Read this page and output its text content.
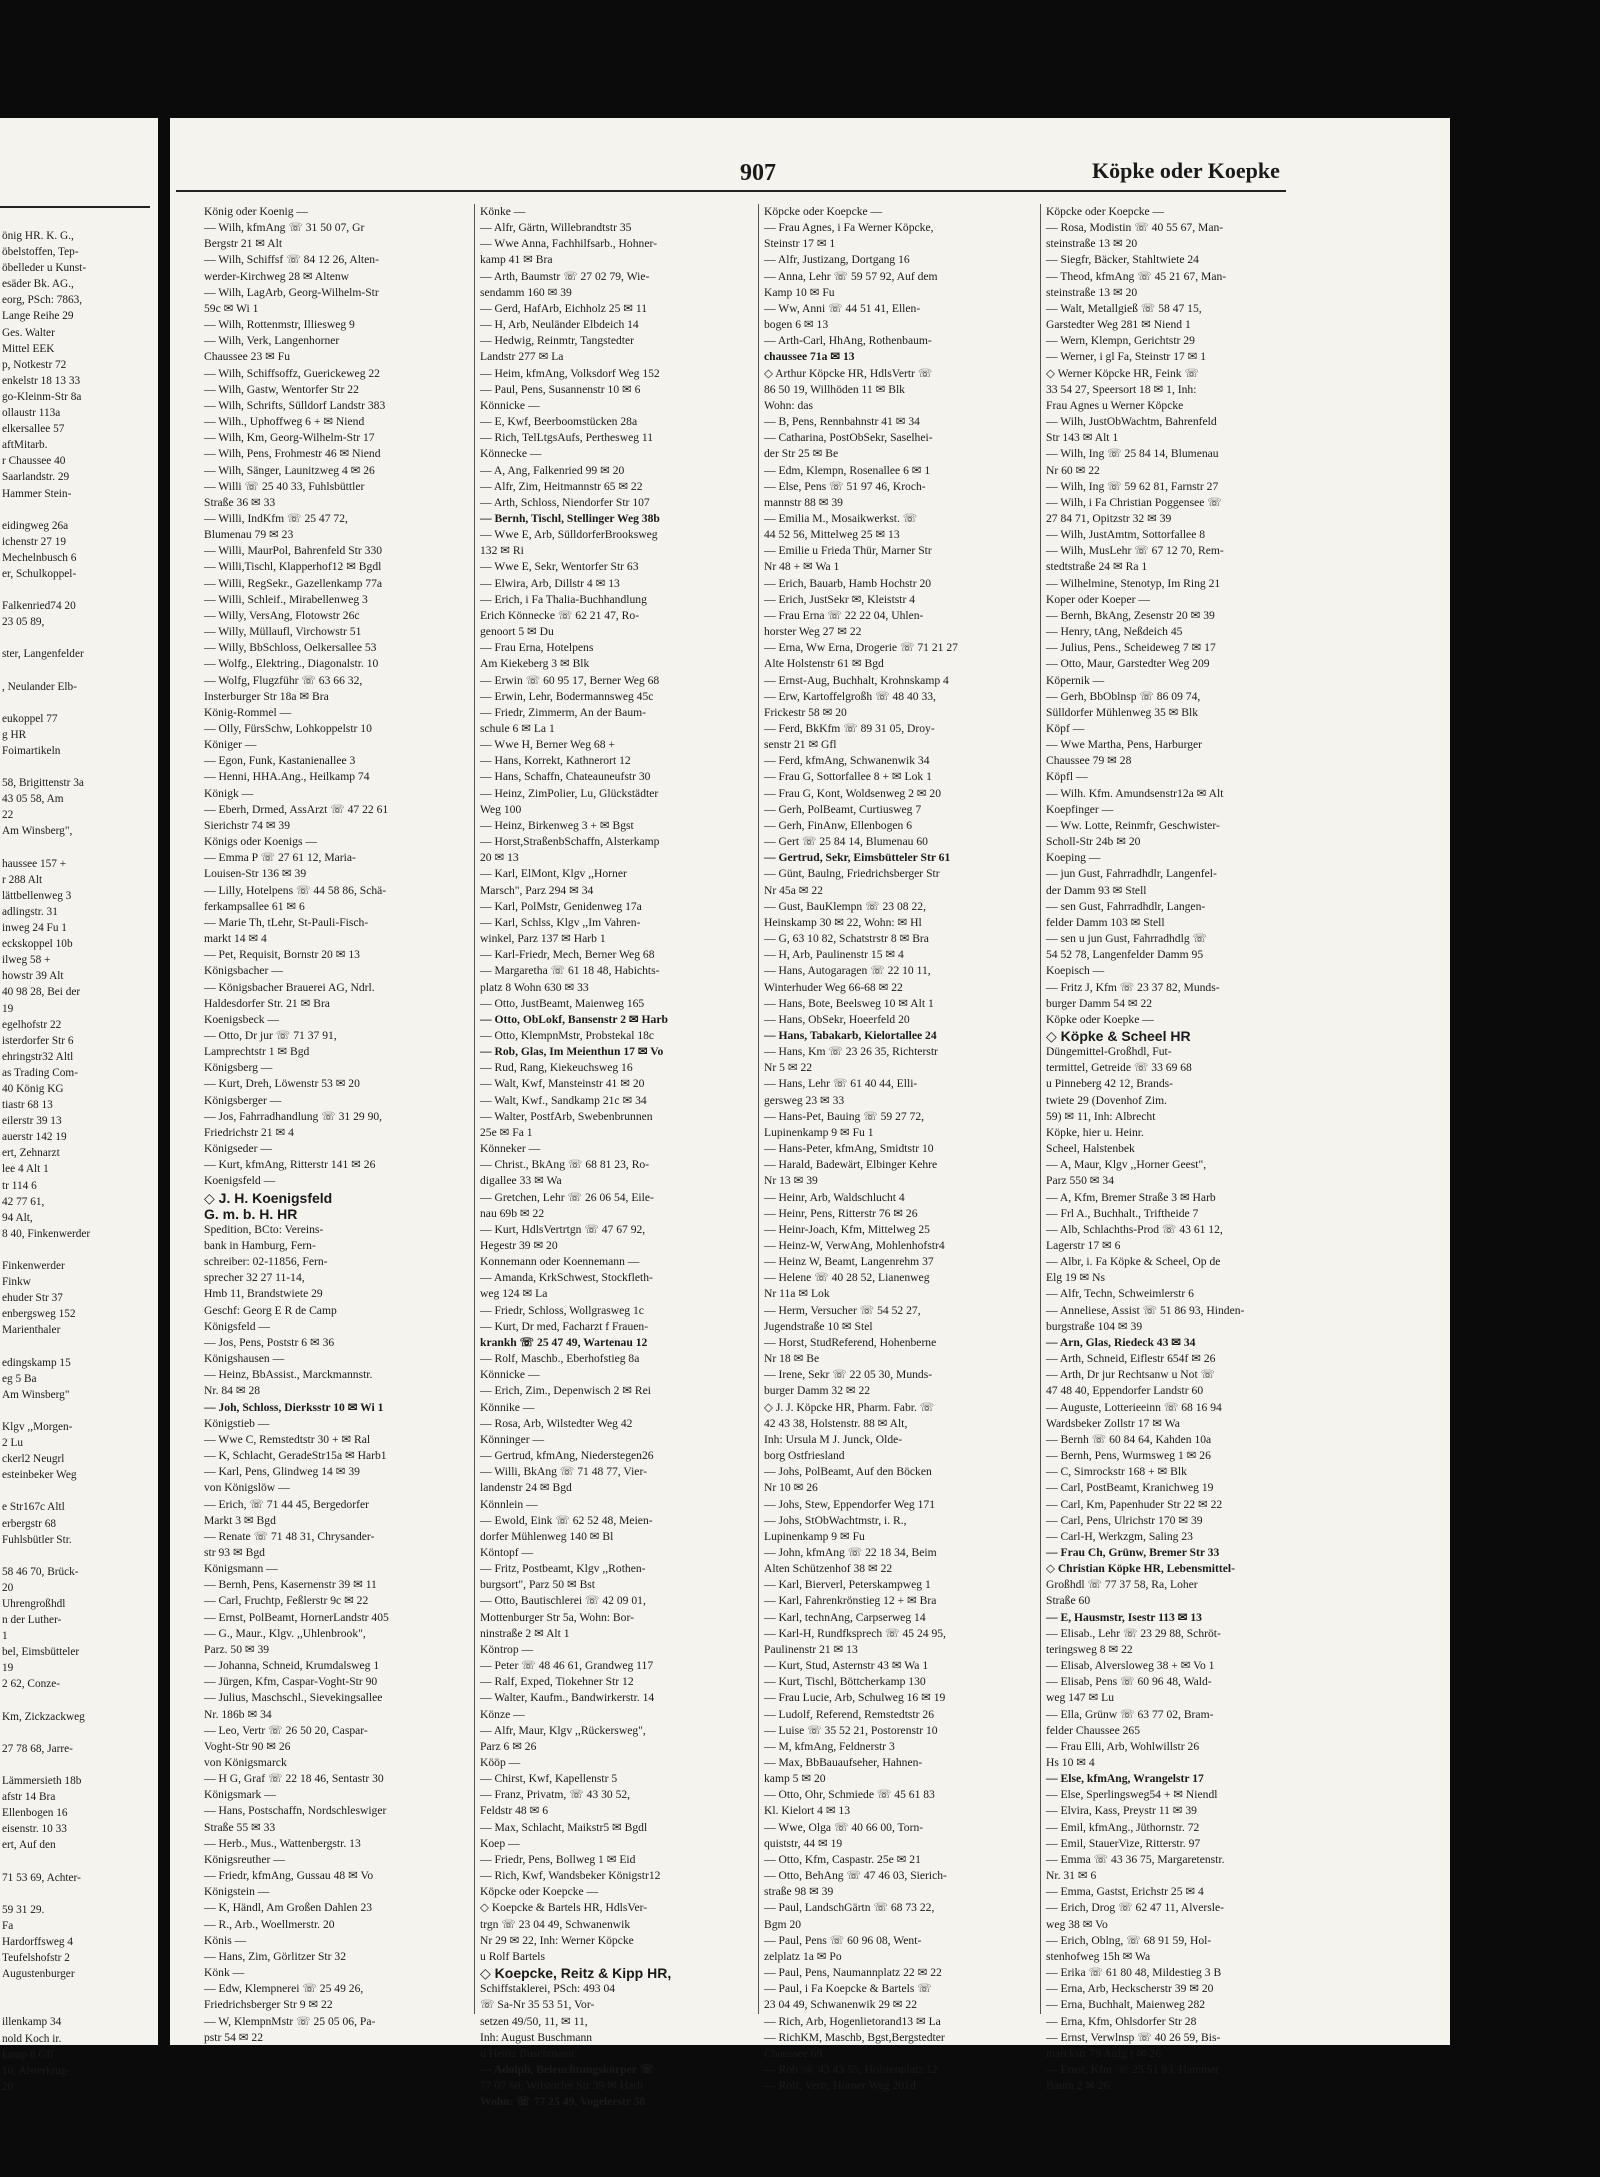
önig HR. K. G.,
öbelstoffen, Tep-
öbelleder u Kunst-
esäder Bk. AG.,
eorg, PSch: 7863,
Lange Reihe 29
Ges. Walter
Mittel EEK
p, Notkestr 72
enkelstr 18 13 33
go-Kleinm-Str 8a
ollaustr 113a
elkersallee 57
aftMitarb.
r Chaussee 40
Saarlandstr. 29
Hammer Stein-

eidingweg 26a
ichenstr 27 19
Mechelnbusch 6
er, Schulkoppel-

Falkenried74 20
23 05 89,

ster, Langenfelder

, Neulander Elb-

eukoppel 77
g HR
Foimartikeln

58, Brigittenstr 3a
43 05 58, Am
22
Am Winsberg",

haussee 157 +
r 288 Alt
lättbellenweg 3
adlingstr. 31
inweg 24 Fu 1
eckskoppel 10b
ilweg 58 +
howstr 39 Alt
40 98 28, Bei der
19
egelhofstr 22
isterdorfer Str 6
ehringstr32 Altl
as Trading Com-
40 König KG
tiastr 68 13
eilerstr 39 13
auerstr 142 19
ert, Zehnarzt
lee 4 Alt 1
tr 114 6
42 77 61,
94 Alt,
8 40, Finkenwerder

Finkenwerder
Finkw
ehuder Str 37
enbergsweg 152
Marienthaler

edingskamp 15
eg 5 Ba
Am Winsberg"

Klgv ,,Morgen-
2 Lu
ckerl2 Neugrl
esteinbeker Weg

e Str167c Altl
erbergstr 68
Fuhlsbütler Str.

58 46 70, Brück-
20
Uhrengroßhdl
n der Luther-
1
bel, Eimsbütteler
19
2 62, Conze-

Km, Zickzackweg

27 78 68, Jarre-

Lämmersieth 18b
afstr 14 Bra
Ellenbogen 16
eisenstr. 10 33
ert, Auf den

71 53 69, Achter-

59 31 29.
Fa
Hardorffsweg 4
Teufelshofstr 2
Augustenburger

illenkamp 34
nold Koch ir.
kamp 8 Gfl
16, Alsterkrug-
20
907	Köpke oder Koepke
König oder Koenig —
— Wilh, kfmAng ☏ 31 50 07, Gr
Bergstr 21 ✉ Alt
— Wilh, Schiffsf ☏ 84 12 26, Alten-
werder-Kirchweg 28 ✉ Altenw
— Wilh, LagArb, Georg-Wilhelm-Str
59c ✉ Wi 1
— Wilh, Rottenmstr, Illiesweg 9
— Wilh, Verk, Langenhorner
Chaussee 23 ✉ Fu
— Wilh, Schiffsoffz, Guerickeweg 22
— Wilh, Gastw, Wentorfer Str 22
— Wilh, Schrifts, Sülldorf Landstr 383
— Wilh., Uphoffweg 6 + ✉ Niend
— Wilh, Km, Georg-Wilhelm-Str 17
— Wilh, Pens, Frohmestr 46 ✉ Niend
— Wilh, Sänger, Launitzweg 4 ✉ 26
— Willi ☏ 25 40 33, Fuhlsbüttler
Straße 36 ✉ 33
— Willi, IndKfm ☏ 25 47 72,
Blumenau 79 ✉ 23
— Willi, MaurPol, Bahrenfeld Str 330
— Willi,Tischl, Klapperhof12 ✉ Bgdl
— Willi, RegSekr., Gazellenkamp 77a
— Willi, Schleif., Mirabellenweg 3
— Willy, VersAng, Flotowstr 26c
— Willy, Müllaufl, Virchowstr 51
— Willy, BbSchloss, Oelkersallee 53
— Wolfg., Elektring., Diagonalstr. 10
— Wolfg, Flugzführ ☏ 63 66 32,
Insterburger Str 18a ✉ Bra
König-Rommel —
— Olly, FürsSchw, Lohkoppelstr 10
Königer —
— Egon, Funk, Kastanienallee 3
— Henni, HHA.Ang., Heilkamp 74
Königk —
— Eberh, Drmed, AssArzt ☏ 47 22 61
Sierichstr 74 ✉ 39
Königs oder Koenigs —
— Emma P ☏ 27 61 12, Maria-
Louisen-Str 136 ✉ 39
— Lilly, Hotelpens ☏ 44 58 86, Schä-
ferkampsallee 61 ✉ 6
— Marie Th, tLehr, St-Pauli-Fisch-
markt 14 ✉ 4
— Pet, Requisit, Bornstr 20 ✉ 13
Königsbacher —
— Königsbacher Brauerei AG, Ndrl.
Haldesdorfer Str. 21 ✉ Bra
Koenigsbeck —
— Otto, Dr jur ☏ 71 37 91,
Lamprechtstr 1 ✉ Bgd
Königsberg —
— Kurt, Dreh, Löwenstr 53 ✉ 20
Königsberger —
— Jos, Fahrradhandlung ☏ 31 29 90,
Friedrichstr 21 ✉ 4
Königseder —
— Kurt, kfmAng, Ritterstr 141 ✉ 26
Koenigsfeld —
◇ J. H. Koenigsfeld
G. m. b. H. HR
Spedition, BCto: Vereins-
bank in Hamburg, Fern-
schreiber: 02-11856, Fern-
sprecher 32 27 11-14,
Hmb 11, Brandstwiete 29
Geschf: Georg E R de Camp
Königsfeld —
— Jos, Pens, Poststr 6 ✉ 36
Königshausen —
— Heinz, BbAssist., Marckmannstr.
Nr. 84 ✉ 28
— Joh, Schloss, Dierksstr 10 ✉ Wi 1
Königstieb —
— Wwe C, Remstedtstr 30 + ✉ Ral
— K, Schlacht, GeradeStr15a ✉ Harb1
— Karl, Pens, Glindweg 14 ✉ 39
von Königslöw —
— Erich, ☏ 71 44 45, Bergedorfer
Markt 3 ✉ Bgd
— Renate ☏ 71 48 31, Chrysander-
str 93 ✉ Bgd
Königsmann —
— Bernh, Pens, Kasernenstr 39 ✉ 11
— Carl, Fruchtp, Feßlerstr 9c ✉ 22
— Ernst, PolBeamt, HornerLandstr 405
— G., Maur., Klgv. ,,Uhlenbrook",
Parz. 50 ✉ 39
— Johanna, Schneid, Krumdalsweg 1
— Jürgen, Kfm, Caspar-Voght-Str 90
— Julius, Maschschl., Sievekingsallee
Nr. 186b ✉ 34
— Leo, Vertr ☏ 26 50 20, Caspar-
Voght-Str 90 ✉ 26
von Königsmarck
— H G, Graf ☏ 22 18 46, Sentastr 30
Königsmark —
— Hans, Postschaffn, Nordschleswiger
Straße 55 ✉ 33
— Herb., Mus., Wattenbergstr. 13
Königsreuther —
— Friedr, kfmAng, Gussau 48 ✉ Vo
Königstein —
— K, Händl, Am Großen Dahlen 23
— R., Arb., Woellmerstr. 20
Könis —
— Hans, Zim, Görlitzer Str 32
Könk —
— Edw, Klempnerei ☏ 25 49 26,
Friedrichsberger Str 9 ✉ 22
— W, KlempnMstr ☏ 25 05 06, Pa-
pstr 54 ✉ 22
Könke —
— Alfr, Gärtn, Willebrandtstr 35
— Wwe Anna, Fachhilfsarb., Hohner-
kamp 41 ✉ Bra
— Arth, Baumstr ☏ 27 02 79, Wie-
sendamm 160 ✉ 39
— Gerd, HafArb, Eichholz 25 ✉ 11
— H, Arb, Neuländer Elbdeich 14
— Hedwig, Reinmtr, Tangstedter
Landstr 277 ✉ La
— Heim, kfmAng, Volksdorf Weg 152
— Paul, Pens, Susannenstr 10 ✉ 6
Könnicke —
— E, Kwf, Beerboomstücken 28a
— Rich, TelLtgsAufs, Perthesweg 11
Könnecke —
— A, Ang, Falkenried 99 ✉ 20
— Alfr, Zim, Heitmannstr 65 ✉ 22
— Arth, Schloss, Niendorfer Str 107
— Bernh, Tischl, Stellinger Weg 38b
— Wwe E, Arb, SülldorferBrooksweg
132 ✉ Ri
— Wwe E, Sekr, Wentorfer Str 63
— Elwira, Arb, Dillstr 4 ✉ 13
— Erich, i Fa Thalia-Buchhandlung
Erich Könnecke ☏ 62 21 47, Ro-
genoort 5 ✉ Du
— Frau Erna, Hotelpens
Am Kiekeberg 3 ✉ Blk
— Erwin ☏ 60 95 17, Berner Weg 68
— Erwin, Lehr, Bodermannsweg 45c
— Friedr, Zimmerm, An der Baum-
schule 6 ✉ La 1
— Wwe H, Berner Weg 68 +
— Hans, Korrekt, Kathnerort 12
— Hans, Schaffn, Chateauneufstr 30
— Heinz, ZimPolier, Lu, Glückstädter
Weg 100
— Heinz, Birkenweg 3 + ✉ Bgst
— Horst,StraßenbSchaffn, Alsterkamp
20 ✉ 13
— Karl, ElMont, Klgv ,,Horner
Marsch", Parz 294 ✉ 34
— Karl, PolMstr, Genidenweg 17a
— Karl, Schlss, Klgv ,,Im Vahren-
winkel, Parz 137 ✉ Harb 1
— Karl-Friedr, Mech, Berner Weg 68
— Margaretha ☏ 61 18 48, Habichts-
platz 8 Wohn 630 ✉ 33
— Otto, JustBeamt, Maienweg 165
— Otto, ObLokf, Bansenstr 2 ✉ Harb
— Otto, KlempnMstr, Probstekal 18c
— Rob, Glas, Im Meienthun 17 ✉ Vo
— Rud, Rang, Kiekeuchsweg 16
— Walt, Kwf, Mansteinstr 41 ✉ 20
— Walt, Kwf., Sandkamp 21c ✉ 34
— Walter, PostfArb, Swebenbrunnen
25e ✉ Fa 1
Könneker —
— Christ., BkAng ☏ 68 81 23, Ro-
digallee 33 ✉ Wa
— Gretchen, Lehr ☏ 26 06 54, Eile-
nau 69b ✉ 22
— Kurt, HdlsVertrtgn ☏ 47 67 92,
Hegestr 39 ✉ 20
Konnemann oder Koennemann —
— Amanda, KrkSchwest, Stockfleth-
weg 124 ✉ La
— Friedr, Schloss, Wollgrasweg 1c
— Kurt, Dr med, Facharzt f Frauen-
krankh ☏ 25 47 49, Wartenau 12
— Rolf, Maschb., Eberhofstieg 8a
Könnicke —
— Erich, Zim., Depenwisch 2 ✉ Rei
Könnike —
— Rosa, Arb, Wilstedter Weg 42
Könninger —
— Gertrud, kfmAng, Niederstegen26
— Willi, BkAng ☏ 71 48 77, Vier-
landenstr 24 ✉ Bgd
Könnlein —
— Ewold, Eink ☏ 62 52 48, Meien-
dorfer Mühlenweg 140 ✉ Bl
Köntopf —
— Fritz, Postbeamt, Klgv ,,Rothen-
burgsort", Parz 50 ✉ Bst
— Otto, Bautischlerei ☏ 42 09 01,
Mottenburger Str 5a, Wohn: Bor-
ninstraße 2 ✉ Alt 1
Köntrop —
— Peter ☏ 48 46 61, Grandweg 117
— Ralf, Exped, Tiokehner Str 12
— Walter, Kaufm., Bandwirkerstr. 14
Könze —
— Alfr, Maur, Klgv ,,Rückersweg",
Parz 6 ✉ 26
Kööp —
— Chirst, Kwf, Kapellenstr 5
— Franz, Privatm, ☏ 43 30 52,
Feldstr 48 ✉ 6
— Max, Schlacht, Maikstr5 ✉ Bgdl
Koep —
— Friedr, Pens, Bollweg 1 ✉ Eid
— Rich, Kwf, Wandsbeker Königstr12
Köpcke oder Koepcke —
◇ Koepcke & Bartels HR, HdlsVer-
trgn ☏ 23 04 49, Schwanenwik
Nr 29 ✉ 22, Inh: Werner Köpcke
u Rolf Bartels
◇ Koepcke, Reitz & Kipp HR,
Schiffstaklerei, PSch: 493 04
☏ Sa-Nr 35 53 51, Vor-
setzen 49/50, 11, ✉ 11,
Inh: August Buschmann
u Heinz Buschmann
— Adolph, Beleuchtungskörper ☏
77 07 60, Wilstorfer Str 39 ✉ Harb
Wohn: ☏ 77 25 49, Vogelerstr 58
Köpcke oder Koepcke —
— Frau Agnes, i Fa Werner Köpcke,
Steinstr 17 ✉ 1
— Alfr, Justizang, Dortgang 16
— Anna, Lehr ☏ 59 57 92, Auf dem
Kamp 10 ✉ Fu
— Ww, Anni ☏ 44 51 41, Ellen-
bogen 6 ✉ 13
— Arth-Carl, HhAng, Rothenbaum-
chaussee 71a ✉ 13
◇ Arthur Köpcke HR, HdlsVertr ☏
86 50 19, Willhöden 11 ✉ Blk
Wohn: das
— B, Pens, Rennbahnstr 41 ✉ 34
— Catharina, PostObSekr, Saselhei-
der Str 25 ✉ Be
— Edm, Klempn, Rosenallee 6 ✉ 1
— Else, Pens ☏ 51 97 46, Kroch-
mannstr 88 ✉ 39
— Emilia M., Mosaikwerkst. ☏
44 52 56, Mittelweg 25 ✉ 13
— Emilie u Frieda Thür, Marner Str
Nr 48 + ✉ Wa 1
— Erich, Bauarb, Hamb Hochstr 20
— Erich, JustSekr ✉, Kleiststr 4
— Frau Erna ☏ 22 22 04, Uhlen-
horster Weg 27 ✉ 22
— Erna, Ww Erna, Drogerie ☏ 71 21 27
Alte Holstenstr 61 ✉ Bgd
— Ernst-Aug, Buchhalt, Krohnskamp 4
— Erw, Kartoffelgroßh ☏ 48 40 33,
Frickestr 58 ✉ 20
— Ferd, BkKfm ☏ 89 31 05, Droy-
senstr 21 ✉ Gfl
— Ferd, kfmAng, Schwanenwik 34
— Frau G, Sottorfallee 8 + ✉ Lok 1
— Frau G, Kont, Woldsenweg 2 ✉ 20
— Gerh, PolBeamt, Curtiusweg 7
— Gerh, FinAnw, Ellenbogen 6
— Gert ☏ 25 84 14, Blumenau 60
— Gertrud, Sekr, Eimsbütteler Str 61
— Günt, Baulng, Friedrichsberger Str
Nr 45a ✉ 22
— Gust, BauKlempn ☏ 23 08 22,
Heinskamp 30 ✉ 22, Wohn: ✉ Hl
— G, 63 10 82, Schatstrstr 8 ✉ Bra
— H, Arb, Paulinenstr 15 ✉ 4
— Hans, Autogaragen ☏ 22 10 11,
Winterhuder Weg 66-68 ✉ 22
— Hans, Bote, Beelsweg 10 ✉ Alt 1
— Hans, ObSekr, Hoeerfeld 20
— Hans, Tabakarb, Kielortallee 24
— Hans, Km ☏ 23 26 35, Richterstr
Nr 5 ✉ 22
— Hans, Lehr ☏ 61 40 44, Elli-
gersweg 23 ✉ 33
— Hans-Pet, Bauing ☏ 59 27 72,
Lupinenkamp 9 ✉ Fu 1
— Hans-Peter, kfmAng, Smidtstr 10
— Harald, Badewärt, Elbinger Kehre
Nr 13 ✉ 39
— Heinr, Arb, Waldschlucht 4
— Heinr, Pens, Ritterstr 76 ✉ 26
— Heinr-Joach, Kfm, Mittelweg 25
— Heinz-W, VerwAng, Mohlenhofstr4
— Heinz W, Beamt, Langenrehm 37
— Helene ☏ 40 28 52, Lianenweg
Nr 11a ✉ Lok
— Herm, Versucher ☏ 54 52 27,
Jugendstraße 10 ✉ Stel
— Horst, StudReferend, Hohenberne
Nr 18 ✉ Be
— Irene, Sekr ☏ 22 05 30, Munds-
burger Damm 32 ✉ 22
◇ J. J. Köpcke HR, Pharm. Fabr. ☏
42 43 38, Holstenstr. 88 ✉ Alt,
Inh: Ursula M J. Junck, Olde-
borg Ostfriesland
— Johs, PolBeamt, Auf den Böcken
Nr 10 ✉ 26
— Johs, Stew, Eppendorfer Weg 171
— Johs, StObWachtmstr, i. R.,
Lupinenkamp 9 ✉ Fu
— John, kfmAng ☏ 22 18 34, Beim
Alten Schützenhof 38 ✉ 22
— Karl, Bierverl, Peterskampweg 1
— Karl, Fahrenkrönstieg 12 + ✉ Bra
— Karl, technAng, Carpserweg 14
— Karl-H, Rundfksprech ☏ 45 24 95,
Paulinenstr 21 ✉ 13
— Kurt, Stud, Asternstr 43 ✉ Wa 1
— Kurt, Tischl, Böttcherkamp 130
— Frau Lucie, Arb, Schulweg 16 ✉ 19
— Ludolf, Referend, Remstedtstr 26
— Luise ☏ 35 52 21, Postorenstr 10
— M, kfmAng, Feldnerstr 3
— Max, BbBauaufseher, Hahnen-
kamp 5 ✉ 20
— Otto, Ohr, Schmiede ☏ 45 61 83
Kl. Kielort 4 ✉ 13
— Wwe, Olga ☏ 40 66 00, Torn-
quiststr, 44 ✉ 19
— Otto, Kfm, Caspastr. 25e ✉ 21
— Otto, BehAng ☏ 47 46 03, Sierich-
straße 98 ✉ 39
— Paul, LandschGärtn ☏ 68 73 22,
Bgm 20
— Paul, Pens ☏ 60 96 08, Went-
zelplatz 1a ✉ Po
— Paul, Pens, Naumannplatz 22 ✉ 22
— Paul, i Fa Koepcke & Bartels ☏
23 04 49, Schwanenwik 29 ✉ 22
— Rich, Arb, Hogenlietorand13 ✉ La
— RichKM, Maschb, Bgst,Bergstedter
Chaussee 69
— Rob ☏ 43 43 55, Holstenplatz 12
— Rolf, Vertr, Horner Weg 201d
Köpcke oder Koepcke —
— Rosa, Modistin ☏ 40 55 67, Man-
steinstraße 13 ✉ 20
— Siegfr, Bäcker, Stahltwiete 24
— Theod, kfmAng ☏ 45 21 67, Man-
steinstraße 13 ✉ 20
— Walt, Metallgieß ☏ 58 47 15,
Garstedter Weg 281 ✉ Niend 1
— Wern, Klempn, Gerichtstr 29
— Werner, i gl Fa, Steinstr 17 ✉ 1
◇ Werner Köpcke HR, Feink ☏
33 54 27, Speersort 18 ✉ 1, Inh:
Frau Agnes u Werner Köpcke
— Wilh, JustObWachtm, Bahrenfeld
Str 143 ✉ Alt 1
— Wilh, Ing ☏ 25 84 14, Blumenau
Nr 60 ✉ 22
— Wilh, Ing ☏ 59 62 81, Farnstr 27
— Wilh, i Fa Christian Poggensee ☏
27 84 71, Opitzstr 32 ✉ 39
— Wilh, JustAmtm, Sottorfallee 8
— Wilh, MusLehr ☏ 67 12 70, Rem-
stedtstraße 24 ✉ Ra 1
— Wilhelmine, Stenotyp, Im Ring 21
Koper oder Koeper —
— Bernh, BkAng, Zesenstr 20 ✉ 39
— Henry, tAng, Neßdeich 45
— Julius, Pens., Scheideweg 7 ✉ 17
— Otto, Maur, Garstedter Weg 209
Köpernik —
— Gerh, BbOblnsp ☏ 86 09 74,
Sülldorfer Mühlenweg 35 ✉ Blk
Köpf —
— Wwe Martha, Pens, Harburger
Chaussee 79 ✉ 28
Köpfl —
— Wilh. Kfm. Amundsenstr12a ✉ Alt
Koepfinger —
— Ww. Lotte, Reinmfr, Geschwister-
Scholl-Str 24b ✉ 20
Koeping —
— jun Gust, Fahrradhdlr, Langenfel-
der Damm 93 ✉ Stell
— sen Gust, Fahrradhdlr, Langen-
felder Damm 103 ✉ Stell
— sen u jun Gust, Fahrradhdlg ☏
54 52 78, Langenfelder Damm 95
Koepisch —
— Fritz J, Kfm ☏ 23 37 82, Munds-
burger Damm 54 ✉ 22
Köpke oder Koepke —
◇ Köpke & Scheel HR
Düngemittel-Großhdl, Fut-
termittel, Getreide ☏ 33 69 68
u Pinneberg 42 12, Brands-
twiete 29 (Dovenhof Zim.
59) ✉ 11, Inh: Albrecht
Köpke, hier u. Heinr.
Scheel, Halstenbek
— A, Maur, Klgv ,,Horner Geest",
Parz 550 ✉ 34
— A, Kfm, Bremer Straße 3 ✉ Harb
— Frl A., Buchhalt., Triftheide 7
— Alb, Schlachths-Prod ☏ 43 61 12,
Lagerstr 17 ✉ 6
— Albr, i. Fa Köpke & Scheel, Op de
Elg 19 ✉ Ns
— Alfr, Techn, Schweimlerstr 6
— Anneliese, Assist ☏ 51 86 93, Hinden-
burgstraße 104 ✉ 39
— Arn, Glas, Riedeck 43 ✉ 34
— Arth, Schneid, Eiflestr 654f ✉ 26
— Arth, Dr jur Rechtsanw u Not ☏
47 48 40, Eppendorfer Landstr 60
— Auguste, Lotterieeinn ☏ 68 16 94
Wardsbeker Zollstr 17 ✉ Wa
— Bernh ☏ 60 84 64, Kahden 10a
— Bernh, Pens, Wurmsweg 1 ✉ 26
— C, Simrockstr 168 + ✉ Blk
— Carl, PostBeamt, Kranichweg 19
— Carl, Km, Papenhuder Str 22 ✉ 22
— Carl, Pens, Ulrichstr 170 ✉ 39
— Carl-H, Werkzgm, Saling 23
— Frau Ch, Grünw, Bremer Str 33
◇ Christian Köpke HR, Lebensmittel-
Großhdl ☏ 77 37 58, Ra, Loher
Straße 60
— E, Hausmstr, Isestr 113 ✉ 13
— Elisab., Lehr ☏ 23 29 88, Schröt-
teringsweg 8 ✉ 22
— Elisab, Alversloweg 38 + ✉ Vo 1
— Elisab, Pens ☏ 60 96 48, Wald-
weg 147 ✉ Lu
— Ella, Grünw ☏ 63 77 02, Bram-
felder Chaussee 265
— Frau Elli, Arb, Wohlwillstr 26
Hs 10 ✉ 4
— Else, kfmAng, Wrangelstr 17
— Else, Sperlingsweg54 + ✉ Niendl
— Elvira, Kass, Preystr 11 ✉ 39
— Emil, kfmAng., Jüthornstr. 72
— Emil, StauerVize, Ritterstr. 97
— Emma ☏ 43 36 75, Margaretenstr.
Nr. 31 ✉ 6
— Emma, Gastst, Erichstr 25 ✉ 4
— Erich, Drog ☏ 62 47 11, Alversle-
weg 38 ✉ Vo
— Erich, Oblng, ☏ 68 91 59, Hol-
stenhofweg 15h ✉ Wa
— Erika ☏ 61 80 48, Mildestieg 3 B
— Erna, Arb, Heckscherstr 39 ✉ 20
— Erna, Buchhalt, Maienweg 282
— Erna, Kfm, Ohlsdorfer Str 28
— Ernst, Verwlnsp ☏ 40 26 59, Bis-
marckstr 79 Aufg r ✉ 26
— Ernst, Kfm ☏ 25 51 93, Hammer
Baum 2 ✉ 26
